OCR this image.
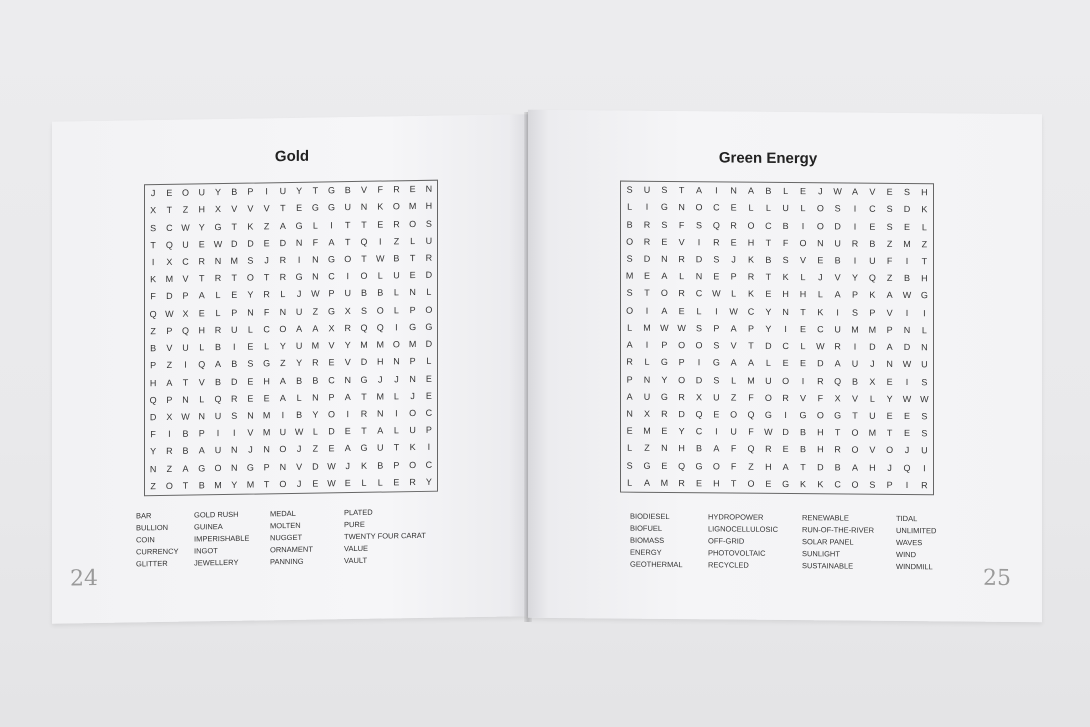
Gold
J E O U Y B P I U Y T G B V F R E N
X T Z H X V V V T E G G U N K O M H
S C W Y G T K Z A G L I T T E R O S
T Q U E W D D E D N F A T Q I Z L U
I X C R N M S J R I N G O T W B T R
K M V T R T O T R G N C I O L U E D
F D P A L E Y R L J W P U B B L N L
Q W X E L P N F N U Z G X S O L P O
Z P Q H R U L C O A A X R Q Q I G G
B V U L B I E L Y U M V Y M M O M D
P Z I Q A B S G Z Y R E V D H N P L
H A T V B D E H A B B C N G J J N E
Q P N L Q R E E A L N P A T M L J E
D X W N U S N M I B Y O I R N I O C
F I B P I I V M U W L D E T A L U P
Y R B A U N J N O J Z E A G U T K I
N Z A G O N G P N V D W J K B P O C
Z O T B M Y M T O J E W E L L E R Y
BAR
BULLION
COIN
CURRENCY
GLITTER
GOLD RUSH
GUINEA
IMPERISHABLE
INGOT
JEWELLERY
MEDAL
MOLTEN
NUGGET
ORNAMENT
PANNING
PLATED
PURE
TWENTY FOUR CARAT
VALUE
VAULT
24
Green Energy
S U S T A I N A B L E J W A V E S H
L I G N O C E L L U L O S I C S D K
B R S F S Q R O C B I O D I E S E L
O R E V I R E H T F O N U R B Z M Z
S D N R D S J K B S V E B I U F I T
M E A L N E P R T K L J V Y Q Z B H
S T O R C W L K E H H L A P K A W G
O I A E L I W C Y N T K I S P V I I
L M W W S P A P Y I E C U M M P N L
A I P O O S V T D C L W R I D A D N
R L G P I G A A L E E D A U J N W U
P N Y O D S L M U O I R Q B X E I S
A U G R X U Z F O R V F X V L Y W W
N X R D Q E O Q G I G O G T U E E S
E M E Y C I U F W D B H T O M T E S
L Z N H B A F Q R E B H R O V O J U
S G E Q G O F Z H A T D B A H J Q I
L A M R E H T O E G K K C O S P I R
BIODIESEL
BIOFUEL
BIOMASS
ENERGY
GEOTHERMAL
HYDROPOWER
LIGNOCELLULOSIC
OFF-GRID
PHOTOVOLTAIC
RECYCLED
RENEWABLE
RUN-OF-THE-RIVER
SOLAR PANEL
SUNLIGHT
SUSTAINABLE
TIDAL
UNLIMITED
WAVES
WIND
WINDMILL 25
